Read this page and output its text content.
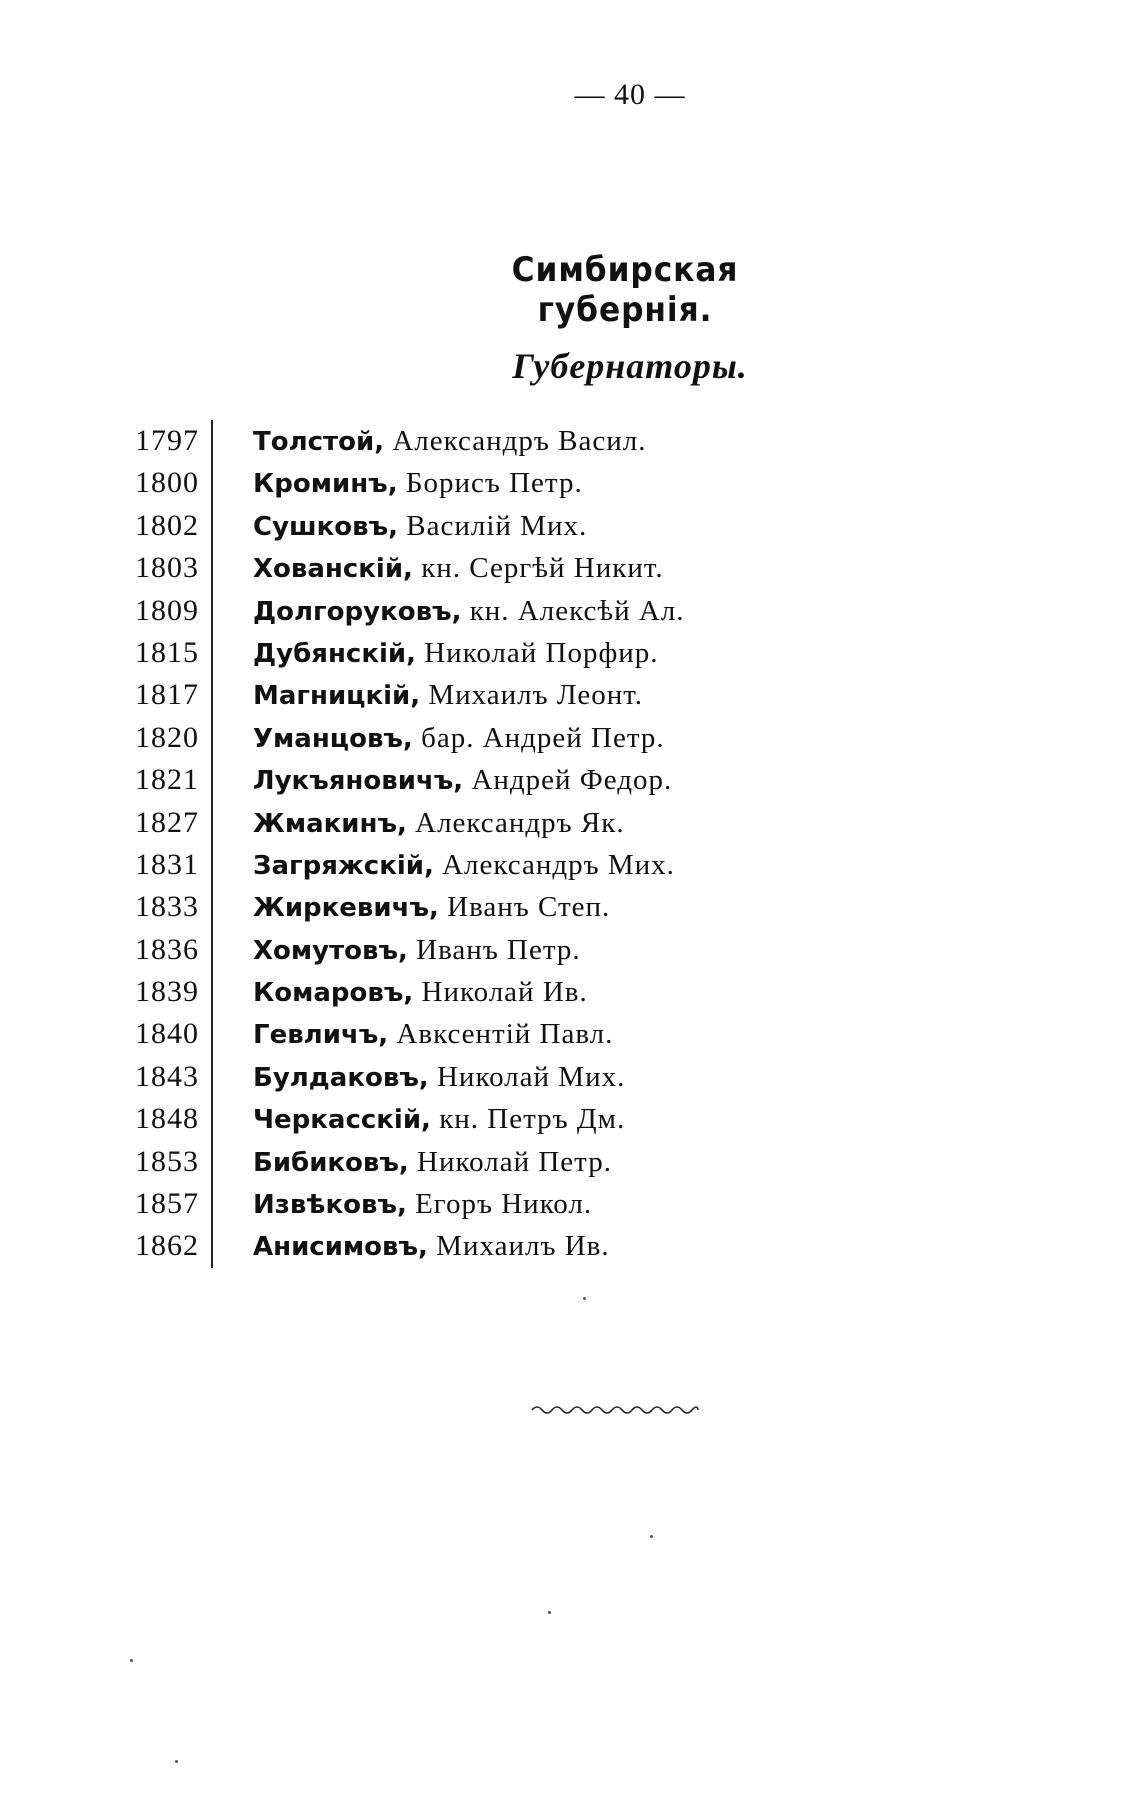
— 40 —
Симбирская губернія.
Губернаторы.
1797	Толстой, Александръ Васил.
1800	Кроминъ, Борисъ Петр.
1802	Сушковъ, Василій Мих.
1803	Хованскій, кн. Сергѣй Никит.
1809	Долгоруковъ, кн. Алексѣй Ал.
1815	Дубянскій, Николай Порфир.
1817	Магницкій, Михаилъ Леонт.
1820	Уманцовъ, бар. Андрей Петр.
1821	Лукъяновичъ, Андрей Федор.
1827	Жмакинъ, Александръ Як.
1831	Загряжскій, Александръ Мих.
1833	Жиркевичъ, Иванъ Степ.
1836	Хомутовъ, Иванъ Петр.
1839	Комаровъ, Николай Ив.
1840	Гевличъ, Авксентій Павл.
1843	Булдаковъ, Николай Мих.
1848	Черкасскій, кн. Петръ Дм.
1853	Бибиковъ, Николай Петр.
1857	Извѣковъ, Егоръ Никол.
1862	Анисимовъ, Михаилъ Ив.
